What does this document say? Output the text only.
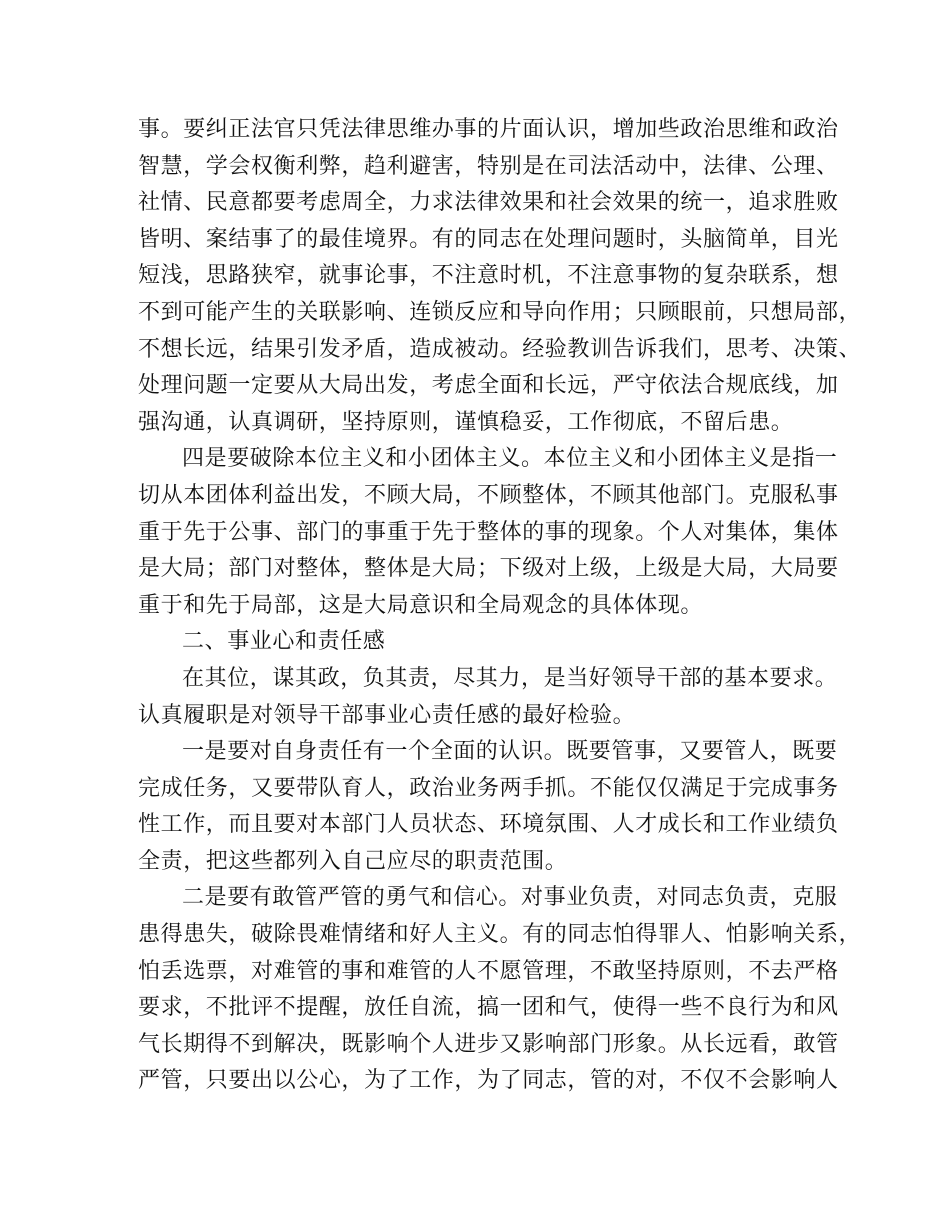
事。要纠正法官只凭法律思维办事的片面认识，增加些政治思维和政治
智慧，学会权衡利弊，趋利避害，特别是在司法活动中，法律、公理、
社情、民意都要考虑周全，力求法律效果和社会效果的统一，追求胜败
皆明、案结事了的最佳境界。有的同志在处理问题时，头脑简单，目光
短浅，思路狭窄，就事论事，不注意时机，不注意事物的复杂联系，想
不到可能产生的关联影响、连锁反应和导向作用；只顾眼前，只想局部，
不想长远，结果引发矛盾，造成被动。经验教训告诉我们，思考、决策、
处理问题一定要从大局出发，考虑全面和长远，严守依法合规底线，加
强沟通，认真调研，坚持原则，谨慎稳妥，工作彻底，不留后患。
四是要破除本位主义和小团体主义。本位主义和小团体主义是指一
切从本团体利益出发，不顾大局，不顾整体，不顾其他部门。克服私事
重于先于公事、部门的事重于先于整体的事的现象。个人对集体，集体
是大局；部门对整体，整体是大局；下级对上级，上级是大局，大局要
重于和先于局部，这是大局意识和全局观念的具体体现。
二、事业心和责任感
在其位，谋其政，负其责，尽其力，是当好领导干部的基本要求。
认真履职是对领导干部事业心责任感的最好检验。
一是要对自身责任有一个全面的认识。既要管事，又要管人，既要
完成任务，又要带队育人，政治业务两手抓。不能仅仅满足于完成事务
性工作，而且要对本部门人员状态、环境氛围、人才成长和工作业绩负
全责，把这些都列入自己应尽的职责范围。
二是要有敢管严管的勇气和信心。对事业负责，对同志负责，克服
患得患失，破除畏难情绪和好人主义。有的同志怕得罪人、怕影响关系，
怕丢选票，对难管的事和难管的人不愿管理，不敢坚持原则，不去严格
要求，不批评不提醒，放任自流，搞一团和气，使得一些不良行为和风
气长期得不到解决，既影响个人进步又影响部门形象。从长远看，敢管
严管，只要出以公心，为了工作，为了同志，管的对，不仅不会影响人
